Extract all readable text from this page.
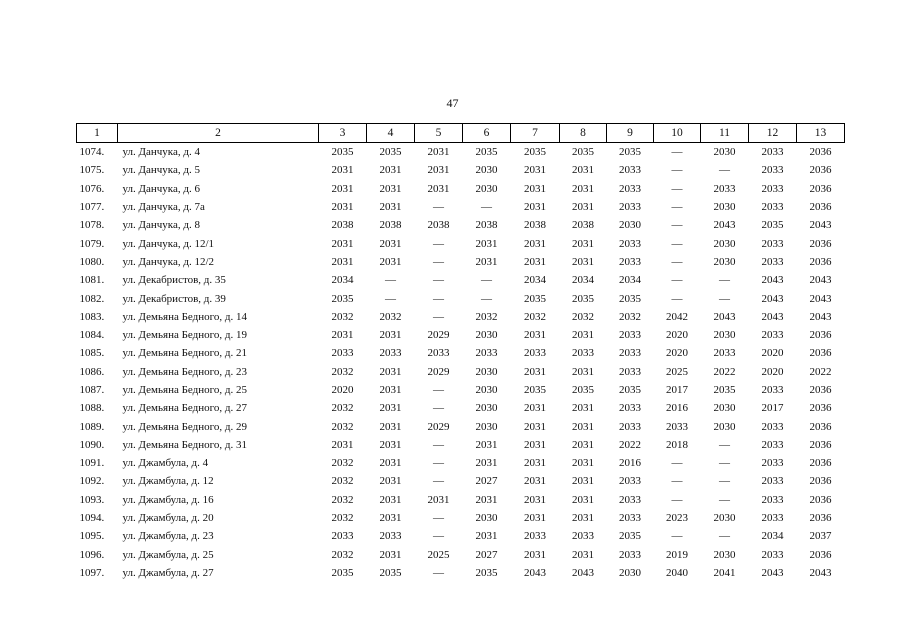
47
1	2	3	4	5	6	7	8	9	10	11	12	13
1074.	ул. Данчука, д. 4	2035	2035	2031	2035	2035	2035	2035	—	2030	2033	2036
1075.	ул. Данчука, д. 5	2031	2031	2031	2030	2031	2031	2033	—	—	2033	2036
1076.	ул. Данчука, д. 6	2031	2031	2031	2030	2031	2031	2033	—	2033	2033	2036
1077.	ул. Данчука, д. 7а	2031	2031	—	—	2031	2031	2033	—	2030	2033	2036
1078.	ул. Данчука, д. 8	2038	2038	2038	2038	2038	2038	2030	—	2043	2035	2043
1079.	ул. Данчука, д. 12/1	2031	2031	—	2031	2031	2031	2033	—	2030	2033	2036
1080.	ул. Данчука, д. 12/2	2031	2031	—	2031	2031	2031	2033	—	2030	2033	2036
1081.	ул. Декабристов, д. 35	2034	—	—	—	2034	2034	2034	—	—	2043	2043
1082.	ул. Декабристов, д. 39	2035	—	—	—	2035	2035	2035	—	—	2043	2043
1083.	ул. Демьяна Бедного, д. 14	2032	2032	—	2032	2032	2032	2032	2042	2043	2043	2043
1084.	ул. Демьяна Бедного, д. 19	2031	2031	2029	2030	2031	2031	2033	2020	2030	2033	2036
1085.	ул. Демьяна Бедного, д. 21	2033	2033	2033	2033	2033	2033	2033	2020	2033	2020	2036
1086.	ул. Демьяна Бедного, д. 23	2032	2031	2029	2030	2031	2031	2033	2025	2022	2020	2022
1087.	ул. Демьяна Бедного, д. 25	2020	2031	—	2030	2035	2035	2035	2017	2035	2033	2036
1088.	ул. Демьяна Бедного, д. 27	2032	2031	—	2030	2031	2031	2033	2016	2030	2017	2036
1089.	ул. Демьяна Бедного, д. 29	2032	2031	2029	2030	2031	2031	2033	2033	2030	2033	2036
1090.	ул. Демьяна Бедного, д. 31	2031	2031	—	2031	2031	2031	2022	2018	—	2033	2036
1091.	ул. Джамбула, д. 4	2032	2031	—	2031	2031	2031	2016	—	—	2033	2036
1092.	ул. Джамбула, д. 12	2032	2031	—	2027	2031	2031	2033	—	—	2033	2036
1093.	ул. Джамбула, д. 16	2032	2031	2031	2031	2031	2031	2033	—	—	2033	2036
1094.	ул. Джамбула, д. 20	2032	2031	—	2030	2031	2031	2033	2023	2030	2033	2036
1095.	ул. Джамбула, д. 23	2033	2033	—	2031	2033	2033	2035	—	—	2034	2037
1096.	ул. Джамбула, д. 25	2032	2031	2025	2027	2031	2031	2033	2019	2030	2033	2036
1097.	ул. Джамбула, д. 27	2035	2035	—	2035	2043	2043	2030	2040	2041	2043	2043
